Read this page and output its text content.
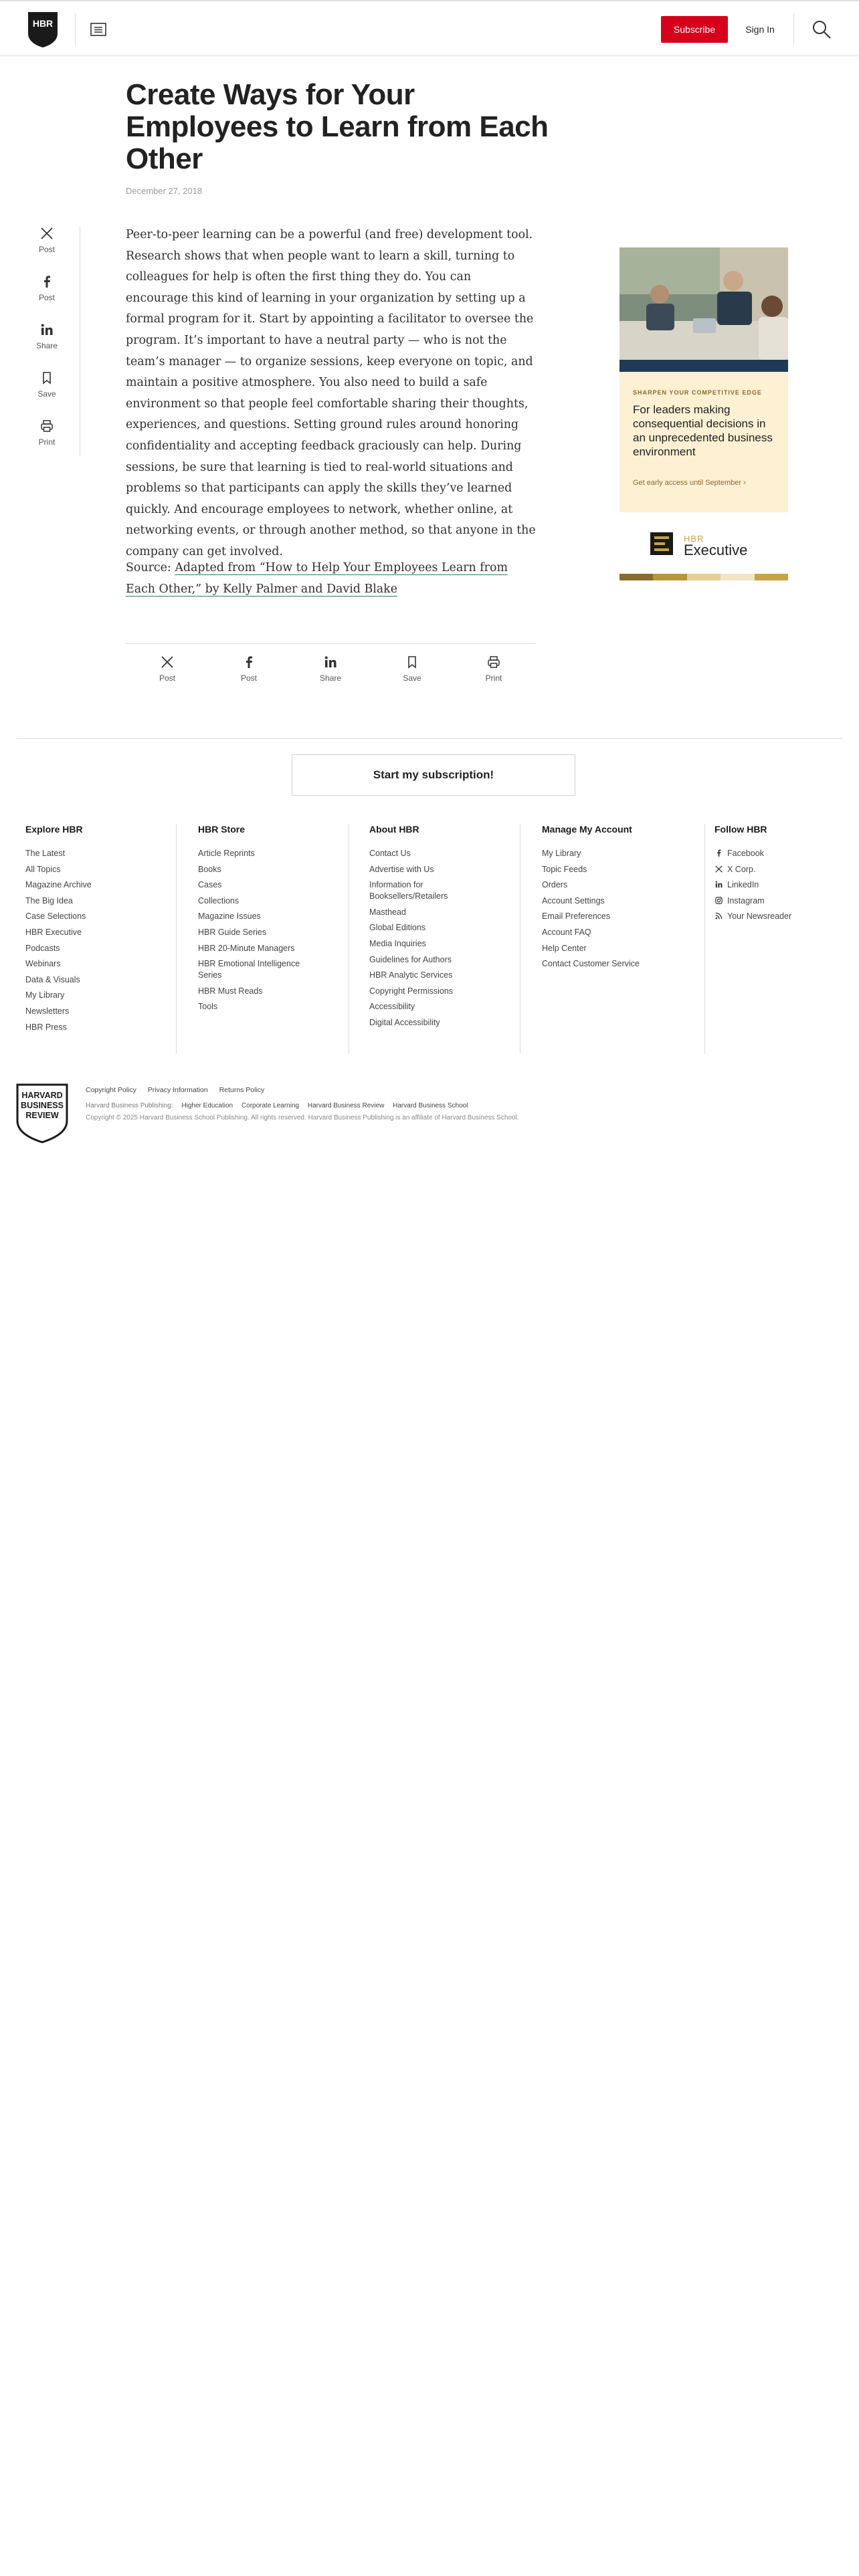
HBR
Subscribe	Sign In
Create Ways for Your Employees to Learn from Each Other
December 27, 2018
Post
Post
Share
Save
Print

Peer-to-peer learning can be a powerful (and free) development tool. Research shows that when people want to learn a skill, turning to colleagues for help is often the first thing they do. You can encourage this kind of learning in your organization by setting up a formal program for it. Start by appointing a facilitator to oversee the program. It’s important to have a neutral party — who is not the team’s manager — to organize sessions, keep everyone on topic, and maintain a positive atmosphere. You also need to build a safe environment so that people feel comfortable sharing their thoughts, experiences, and questions. Setting ground rules around honoring confidentiality and accepting feedback graciously can help. During sessions, be sure that learning is tied to real-world situations and problems so that participants can apply the skills they’ve learned quickly. And encourage employees to network, whether online, at networking events, or through another method, so that anyone in the company can get involved.

Source: Adapted from “How to Help Your Employees Learn from Each Other,” by Kelly Palmer and David Blake

Post	Post	Share	Save	Print
SHARPEN YOUR COMPETITIVE EDGE
For leaders making consequential decisions in an unprecedented business environment
Get early access until September ›
HBR
Executive
Start my subscription!
Explore HBR
The Latest
All Topics
Magazine Archive
The Big Idea
Case Selections
HBR Executive
Podcasts
Webinars
Data & Visuals
My Library
Newsletters
HBR Press
HBR Store
Article Reprints
Books
Cases
Collections
Magazine Issues
HBR Guide Series
HBR 20-Minute Managers
HBR Emotional Intelligence Series
HBR Must Reads
Tools
About HBR
Contact Us
Advertise with Us
Information for Booksellers/Retailers
Masthead
Global Editions
Media Inquiries
Guidelines for Authors
HBR Analytic Services
Copyright Permissions
Accessibility
Digital Accessibility
Manage My Account
My Library
Topic Feeds
Orders
Account Settings
Email Preferences
Account FAQ
Help Center
Contact Customer Service
Follow HBR
Facebook
X Corp.
LinkedIn
Instagram
Your Newsreader
HARVARD
BUSINESS
REVIEW
Copyright Policy Privacy Information Returns Policy
Harvard Business Publishing: Higher Education Corporate Learning Harvard Business Review Harvard Business School
Copyright © 2025 Harvard Business School Publishing. All rights reserved. Harvard Business Publishing is an affiliate of Harvard Business School.
